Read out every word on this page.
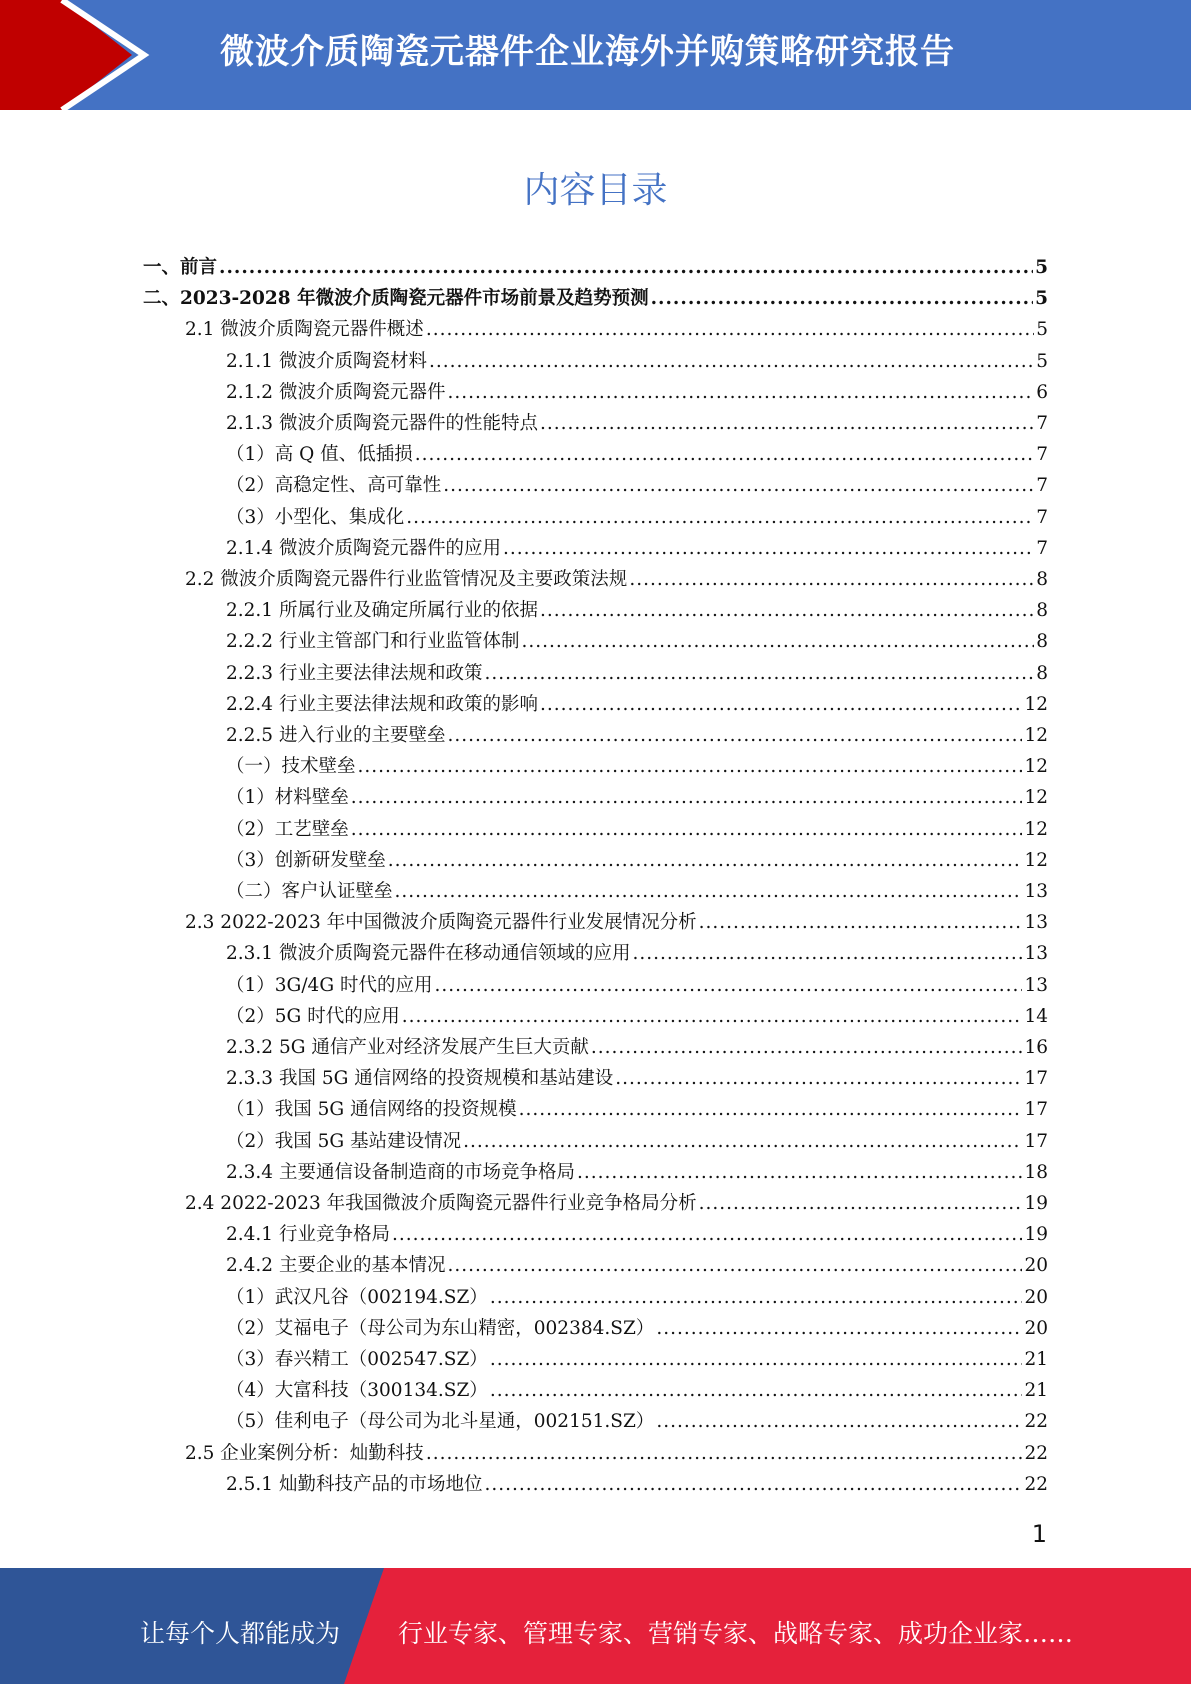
微波介质陶瓷元器件企业海外并购策略研究报告
内容目录
一、前言 .....	5
二、2023-2028 年微波介质陶瓷元器件市场前景及趋势预测 .....	5
2.1 微波介质陶瓷元器件概述 .....	5
2.1.1 微波介质陶瓷材料 .....	5
2.1.2 微波介质陶瓷元器件 .....	6
2.1.3 微波介质陶瓷元器件的性能特点 .....	7
（1）高 Q 值、低插损 .....	7
（2）高稳定性、高可靠性 .....	7
（3）小型化、集成化 .....	7
2.1.4 微波介质陶瓷元器件的应用 .....	7
2.2 微波介质陶瓷元器件行业监管情况及主要政策法规 .....	8
2.2.1 所属行业及确定所属行业的依据 .....	8
2.2.2 行业主管部门和行业监管体制 .....	8
2.2.3 行业主要法律法规和政策 .....	8
2.2.4 行业主要法律法规和政策的影响 .....	12
2.2.5 进入行业的主要壁垒 .....	12
（一）技术壁垒 .....	12
（1）材料壁垒 .....	12
（2）工艺壁垒 .....	12
（3）创新研发壁垒 .....	12
（二）客户认证壁垒 .....	13
2.3 2022-2023 年中国微波介质陶瓷元器件行业发展情况分析 .....	13
2.3.1 微波介质陶瓷元器件在移动通信领域的应用 .....	13
（1）3G/4G 时代的应用 .....	13
（2）5G 时代的应用 .....	14
2.3.2 5G 通信产业对经济发展产生巨大贡献 .....	16
2.3.3 我国 5G 通信网络的投资规模和基站建设 .....	17
（1）我国 5G 通信网络的投资规模 .....	17
（2）我国 5G 基站建设情况 .....	17
2.3.4 主要通信设备制造商的市场竞争格局 .....	18
2.4 2022-2023 年我国微波介质陶瓷元器件行业竞争格局分析 .....	19
2.4.1 行业竞争格局 .....	19
2.4.2 主要企业的基本情况 .....	20
（1）武汉凡谷（002194.SZ） .....	20
（2）艾福电子（母公司为东山精密，002384.SZ） .....	20
（3）春兴精工（002547.SZ） .....	21
（4）大富科技（300134.SZ） .....	21
（5）佳利电子（母公司为北斗星通，002151.SZ） .....	22
2.5 企业案例分析：灿勤科技 .....	22
2.5.1 灿勤科技产品的市场地位 .....	22
1
让每个人都能成为 行业专家、管理专家、营销专家、战略专家、成功企业家……
